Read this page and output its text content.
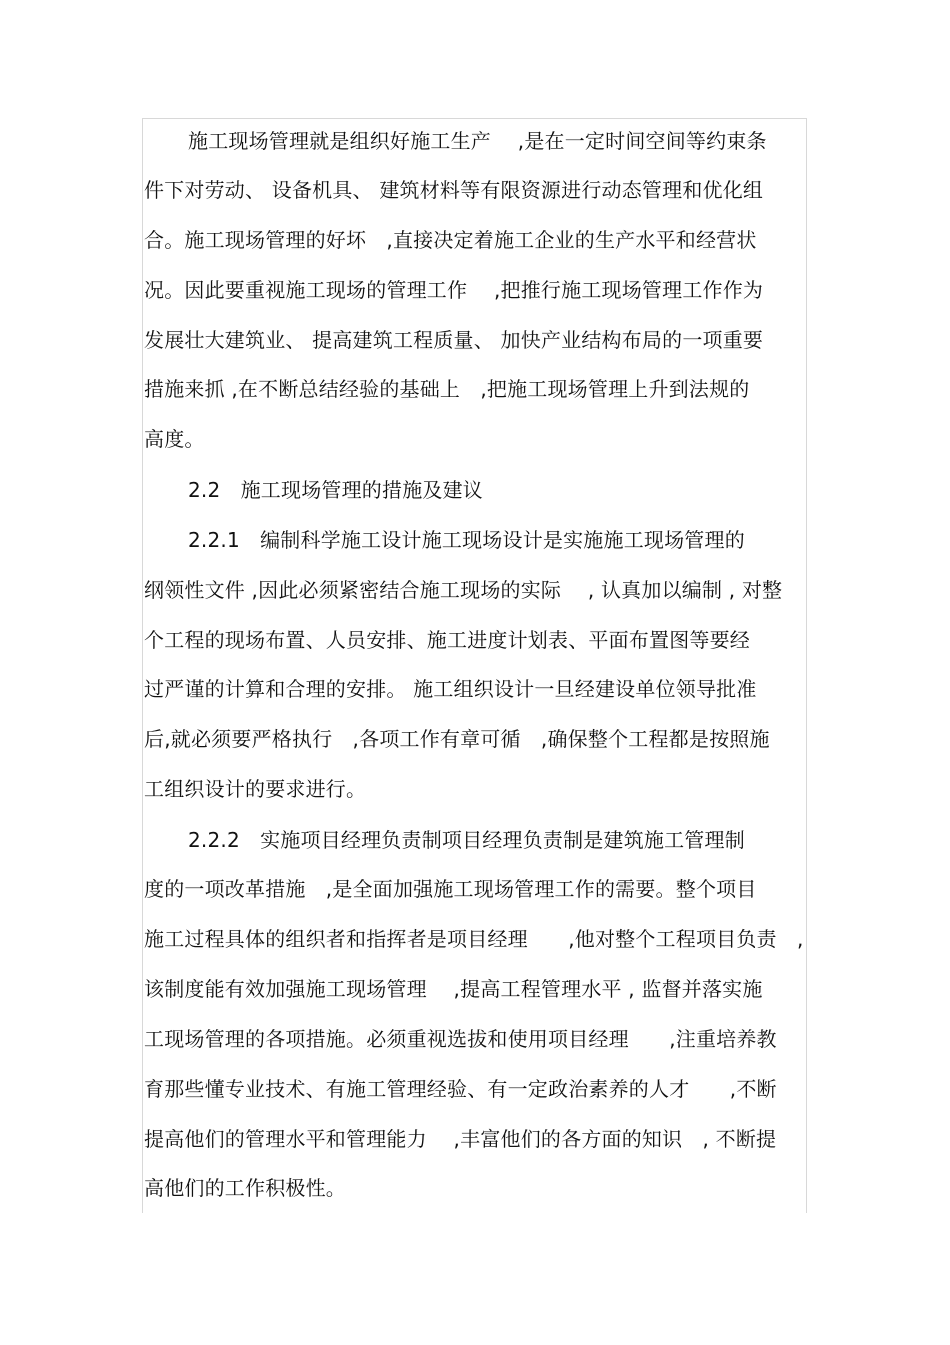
施工现场管理就是组织好施工生产　 ,是在一定时间空间等约束条
件下对劳动、 设备机具、 建筑材料等有限资源进行动态管理和优化组
合。施工现场管理的好坏　,直接决定着施工企业的生产水平和经营状
况。因此要重视施工现场的管理工作　 ,把推行施工现场管理工作作为
发展壮大建筑业、 提高建筑工程质量、 加快产业结构布局的一项重要
措施来抓 ,在不断总结经验的基础上　,把施工现场管理上升到法规的
高度。
2.2　施工现场管理的措施及建议
2.2.1　编制科学施工设计施工现场设计是实施施工现场管理的
纲领性文件 ,因此必须紧密结合施工现场的实际　 , 认真加以编制 , 对整
个工程的现场布置、人员安排、施工进度计划表、平面布置图等要经
过严谨的计算和合理的安排。 施工组织设计一旦经建设单位领导批准
后,就必须要严格执行　,各项工作有章可循　,确保整个工程都是按照施
工组织设计的要求进行。
2.2.2　实施项目经理负责制项目经理负责制是建筑施工管理制
度的一项改革措施　,是全面加强施工现场管理工作的需要。整个项目
施工过程具体的组织者和指挥者是项目经理　　,他对整个工程项目负责　,
该制度能有效加强施工现场管理　 ,提高工程管理水平 , 监督并落实施
工现场管理的各项措施。必须重视选拔和使用项目经理　　,注重培养教
育那些懂专业技术、有施工管理经验、有一定政治素养的人才　　,不断
提高他们的管理水平和管理能力　 ,丰富他们的各方面的知识　, 不断提
高他们的工作积极性。
